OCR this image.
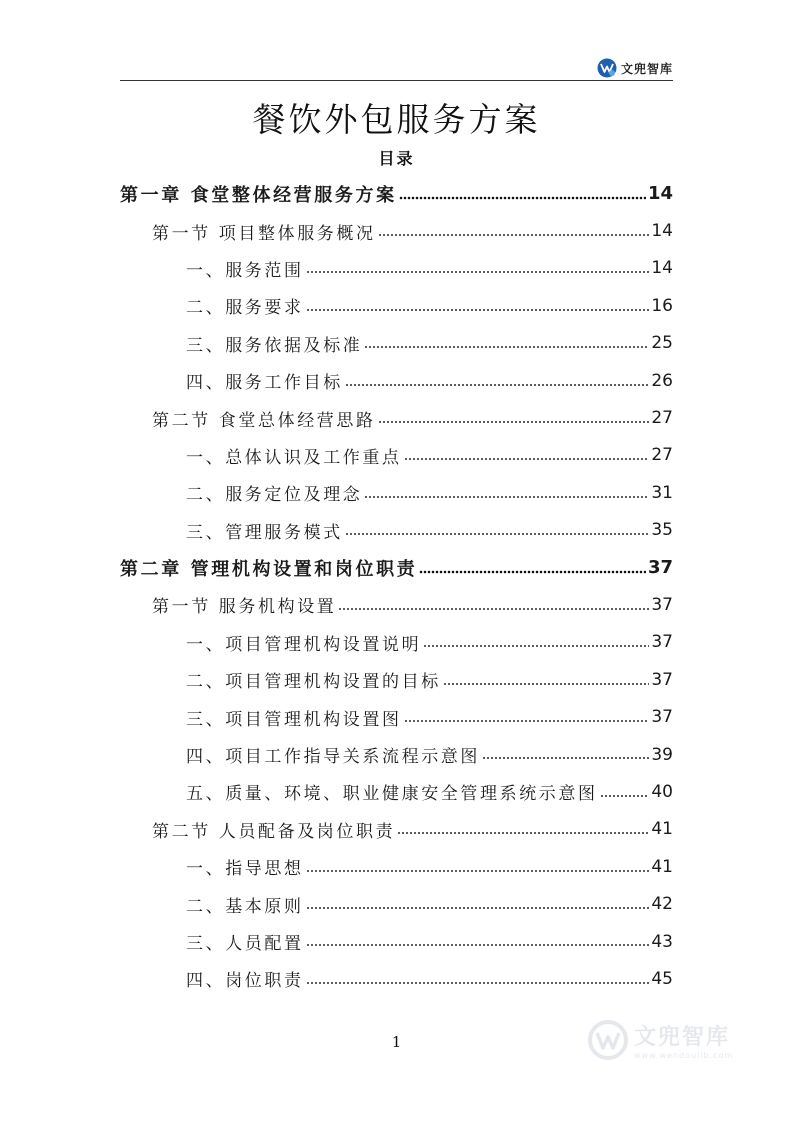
文兜智库
餐饮外包服务方案
目录
第一章 食堂整体经营服务方案	14
第一节 项目整体服务概况	14
一、服务范围	14
二、服务要求	16
三、服务依据及标准	25
四、服务工作目标	26
第二节 食堂总体经营思路	27
一、总体认识及工作重点	27
二、服务定位及理念	31
三、管理服务模式	35
第二章 管理机构设置和岗位职责	37
第一节 服务机构设置	37
一、项目管理机构设置说明	37
二、项目管理机构设置的目标	37
三、项目管理机构设置图	37
四、项目工作指导关系流程示意图	39
五、质量、环境、职业健康安全管理系统示意图	40
第二节 人员配备及岗位职责	41
一、指导思想	41
二、基本原则	42
三、人员配置	43
四、岗位职责	45
1	文兜智库
www.wendoulib.com
